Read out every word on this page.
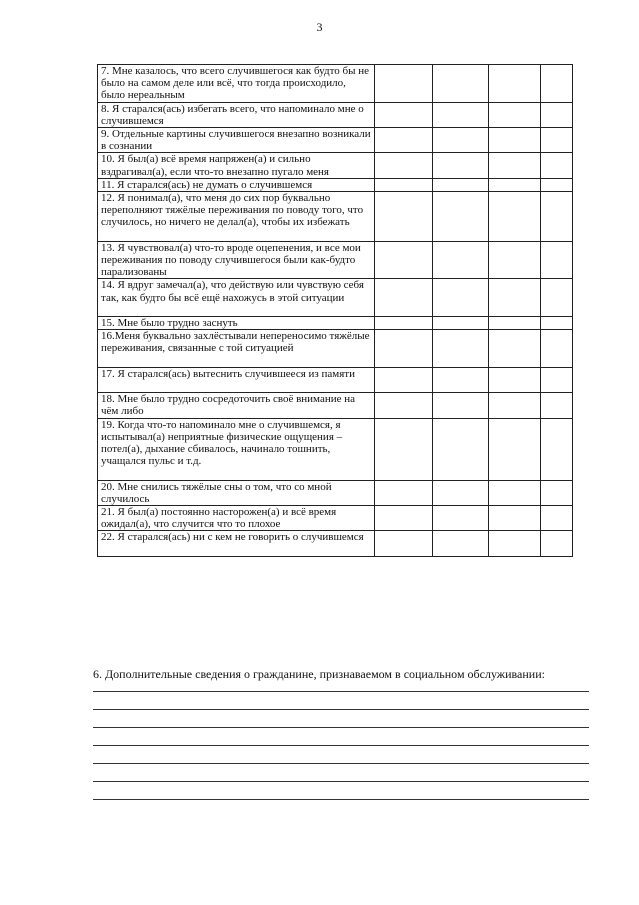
3
7. Мне казалось, что всего случившегося как будто бы не было на самом деле или всё, что тогда происходило, было нереальным				
8. Я старался(ась) избегать всего, что напоминало мне о случившемся				
9. Отдельные картины случившегося внезапно возникали в сознании				
10. Я был(а) всё время напряжен(а) и сильно вздрагивал(а), если что-то внезапно пугало меня				
11. Я старался(ась) не думать о случившемся				
12. Я понимал(а), что меня до сих пор буквально переполняют тяжёлые переживания по поводу того, что случилось, но ничего не делал(а), чтобы их избежать				
13. Я чувствовал(а) что-то вроде оцепенения, и все мои переживания по поводу случившегося были как-будто парализованы				
14. Я вдруг замечал(а), что действую или чувствую себя так, как будто бы всё ещё нахожусь в этой ситуации				
15. Мне было трудно заснуть				
16.Меня буквально захлёстывали непереносимо тяжёлые переживания, связанные с той ситуацией				
17. Я старался(ась) вытеснить случившееся из памяти				
18. Мне было трудно сосредоточить своё внимание на чём либо				
19. Когда что-то напоминало мне о случившемся, я испытывал(а) неприятные физические ощущения – потел(а), дыхание сбивалось, начинало тошнить, учащался пульс и т.д.				
20. Мне снились тяжёлые сны о том, что со мной случилось				
21. Я был(а) постоянно насторожен(а) и всё время ожидал(а), что случится что то плохое				
22. Я старался(ась) ни с кем не говорить о случившемся				
6. Дополнительные сведения о гражданине, признаваемом в социальном обслуживании:
